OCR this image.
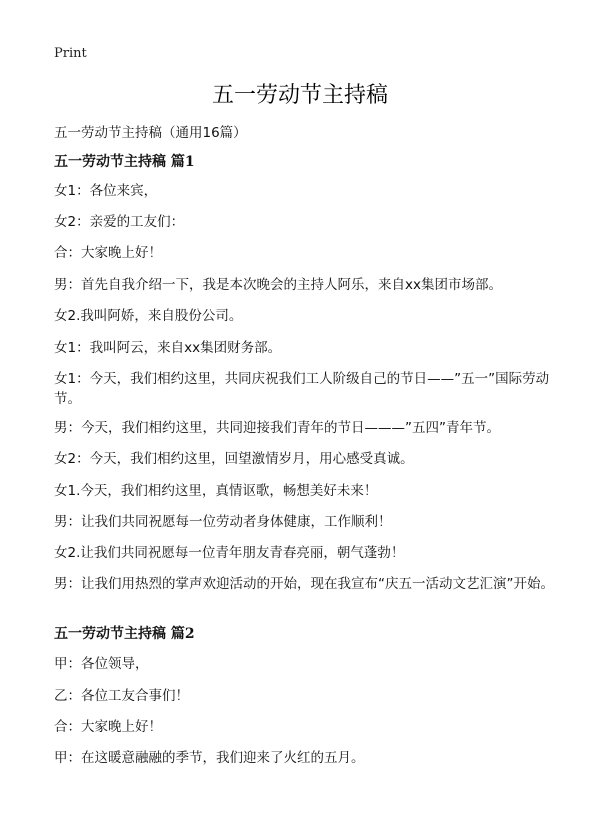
Print
五一劳动节主持稿

五一劳动节主持稿（通用16篇）

五一劳动节主持稿 篇1

女1：各位来宾，

女2：亲爱的工友们：

合：大家晚上好！

男：首先自我介绍一下，我是本次晚会的主持人阿乐，来自xx集团市场部。

女2.我叫阿娇，来自股份公司。

女1：我叫阿云，来自xx集团财务部。

女1：今天，我们相约这里，共同庆祝我们工人阶级自己的节日——”五一”国际劳动节。

男：今天，我们相约这里，共同迎接我们青年的节日———”五四”青年节。

女2：今天，我们相约这里，回望激情岁月，用心感受真诚。

女1.今天，我们相约这里，真情讴歌，畅想美好未来！

男：让我们共同祝愿每一位劳动者身体健康，工作顺利！

女2.让我们共同祝愿每一位青年朋友青春亮丽，朝气蓬勃！

男：让我们用热烈的掌声欢迎活动的开始，现在我宣布“庆五一活动文艺汇演”开始。

五一劳动节主持稿 篇2

甲：各位领导，

乙：各位工友合事们！

合：大家晚上好！

甲：在这暖意融融的季节，我们迎来了火红的五月。
